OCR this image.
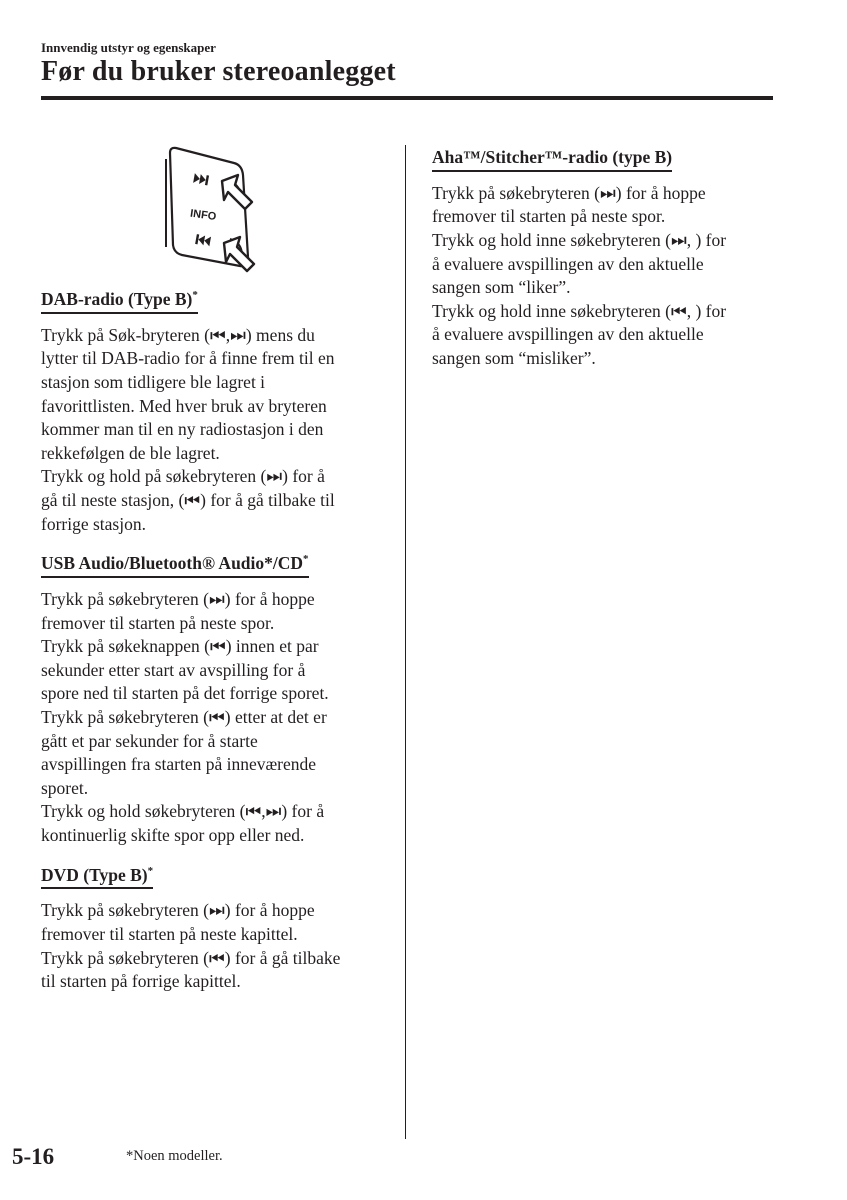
Innvendig utstyr og egenskaper
Før du bruker stereoanlegget
INFO
DAB-radio (Type B)*

Trykk på Søk-bryteren (⏮,⏭) mens du
lytter til DAB-radio for å finne frem til en
stasjon som tidligere ble lagret i
favorittlisten. Med hver bruk av bryteren
kommer man til en ny radiostasjon i den
rekkefølgen de ble lagret.
Trykk og hold på søkebryteren (⏭) for å
gå til neste stasjon, (⏮) for å gå tilbake til
forrige stasjon.

USB Audio/Bluetooth® Audio*/CD*

Trykk på søkebryteren (⏭) for å hoppe
fremover til starten på neste spor.
Trykk på søkeknappen (⏮) innen et par
sekunder etter start av avspilling for å
spore ned til starten på det forrige sporet.
Trykk på søkebryteren (⏮) etter at det er
gått et par sekunder for å starte
avspillingen fra starten på inneværende
sporet.
Trykk og hold søkebryteren (⏮,⏭) for å
kontinuerlig skifte spor opp eller ned.

DVD (Type B)*

Trykk på søkebryteren (⏭) for å hoppe
fremover til starten på neste kapittel.
Trykk på søkebryteren (⏮) for å gå tilbake
til starten på forrige kapittel.

Aha™/Stitcher™-radio (type B)

Trykk på søkebryteren (⏭) for å hoppe
fremover til starten på neste spor.
Trykk og hold inne søkebryteren (⏭, ) for
å evaluere avspillingen av den aktuelle
sangen som “liker”.
Trykk og hold inne søkebryteren (⏮, ) for
å evaluere avspillingen av den aktuelle
sangen som “misliker”.

5-16	*Noen modeller.
